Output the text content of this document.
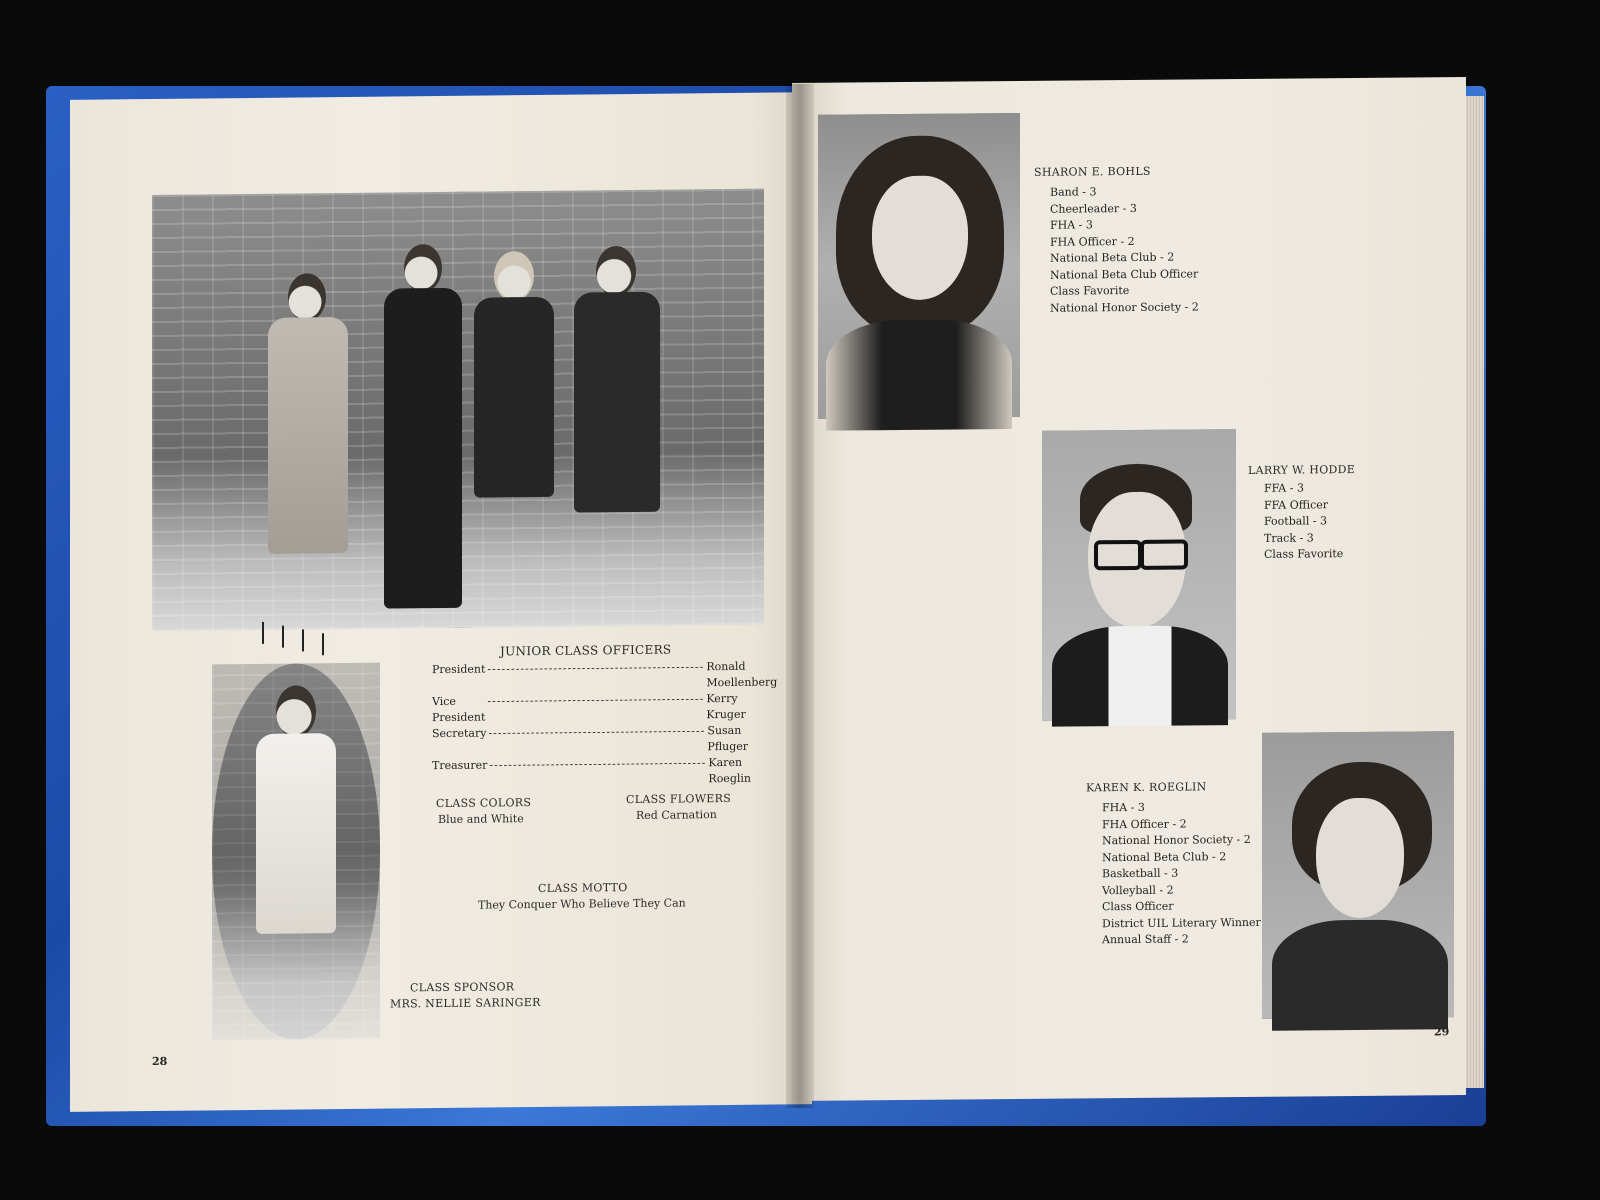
JUNIOR CLASS OFFICERS
President ---------------------------------------------- Ronald Moellenberg
Vice President
---------------------------------------------- Kerry Kruger
Secretary ---------------------------------------------- Susan Pfluger
Treasurer ---------------------------------------------- Karen Roeglin
CLASS COLORS
Blue and White
CLASS FLOWERS
Red Carnation
CLASS MOTTO
They Conquer Who Believe They Can
CLASS SPONSOR
MRS. NELLIE SARINGER
28
SHARON E. BOHLS
Band - 3
Cheerleader - 3
FHA - 3
FHA Officer - 2
National Beta Club - 2
National Beta Club Officer
Class Favorite
National Honor Society - 2
LARRY W. HODDE
FFA - 3
FFA Officer
Football - 3
Track - 3
Class Favorite
KAREN K. ROEGLIN
FHA - 3
FHA Officer - 2
National Honor Society - 2
National Beta Club - 2
Basketball - 3
Volleyball - 2
Class Officer
District UIL Literary Winner
Annual Staff - 2
29
